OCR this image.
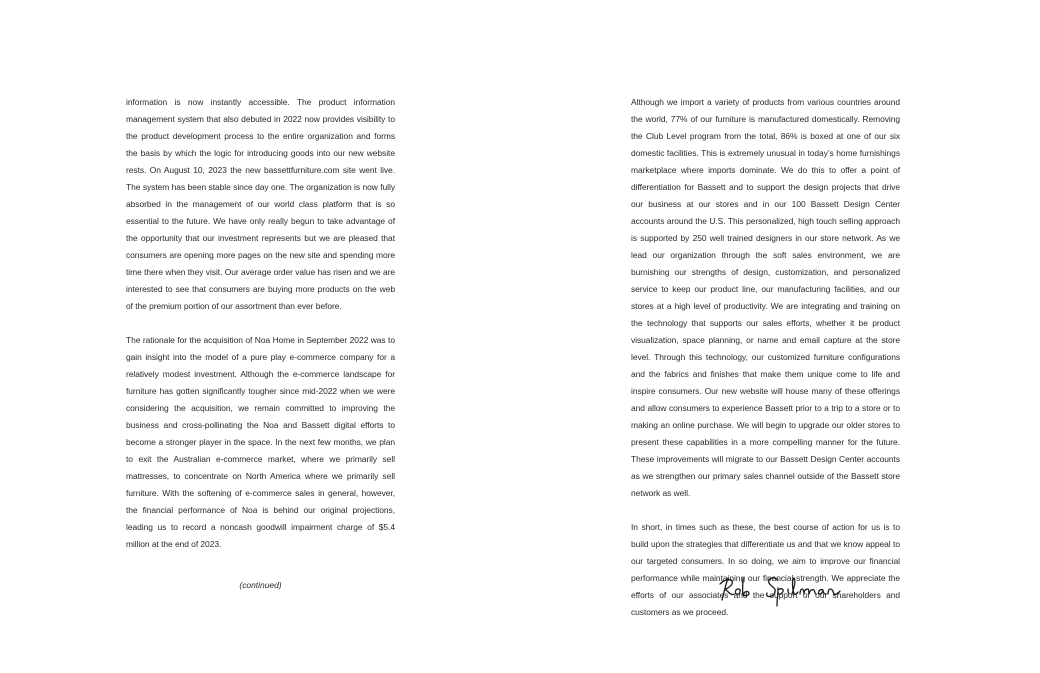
information is now instantly accessible. The product information management system that also debuted in 2022 now provides visibility to the product development process to the entire organization and forms the basis by which the logic for introducing goods into our new website rests. On August 10, 2023 the new bassettfurniture.com site went live. The system has been stable since day one. The organization is now fully absorbed in the management of our world class platform that is so essential to the future. We have only really begun to take advantage of the opportunity that our investment represents but we are pleased that consumers are opening more pages on the new site and spending more time there when they visit. Our average order value has risen and we are interested to see that consumers are buying more products on the web of the premium portion of our assortment than ever before.

The rationale for the acquisition of Noa Home in September 2022 was to gain insight into the model of a pure play e-commerce company for a relatively modest investment. Although the e-commerce landscape for furniture has gotten significantly tougher since mid-2022 when we were considering the acquisition, we remain committed to improving the business and cross-pollinating the Noa and Bassett digital efforts to become a stronger player in the space. In the next few months, we plan to exit the Australian e-commerce market, where we primarily sell mattresses, to concentrate on North America where we primarily sell furniture. With the softening of e-commerce sales in general, however, the financial performance of Noa is behind our original projections, leading us to record a noncash goodwill impairment charge of $5.4 million at the end of 2023.

(continued)

Although we import a variety of products from various countries around the world, 77% of our furniture is manufactured domestically. Removing the Club Level program from the total, 86% is boxed at one of our six domestic facilities. This is extremely unusual in today’s home furnishings marketplace where imports dominate. We do this to offer a point of differentiation for Bassett and to support the design projects that drive our business at our stores and in our 100 Bassett Design Center accounts around the U.S. This personalized, high touch selling approach is supported by 250 well trained designers in our store network. As we lead our organization through the soft sales environment, we are burnishing our strengths of design, customization, and personalized service to keep our product line, our manufacturing facilities, and our stores at a high level of productivity. We are integrating and training on the technology that supports our sales efforts, whether it be product visualization, space planning, or name and email capture at the store level. Through this technology, our customized furniture configurations and the fabrics and finishes that make them unique come to life and inspire consumers. Our new website will house many of these offerings and allow consumers to experience Bassett prior to a trip to a store or to making an online purchase. We will begin to upgrade our older stores to present these capabilities in a more compelling manner for the future. These improvements will migrate to our Bassett Design Center accounts as we strengthen our primary sales channel outside of the Bassett store network as well.

In short, in times such as these, the best course of action for us is to build upon the strategies that differentiate us and that we know appeal to our targeted consumers. In so doing, we aim to improve our financial performance while maintaining our financial strength. We appreciate the efforts of our associates and the support of our shareholders and customers as we proceed.
